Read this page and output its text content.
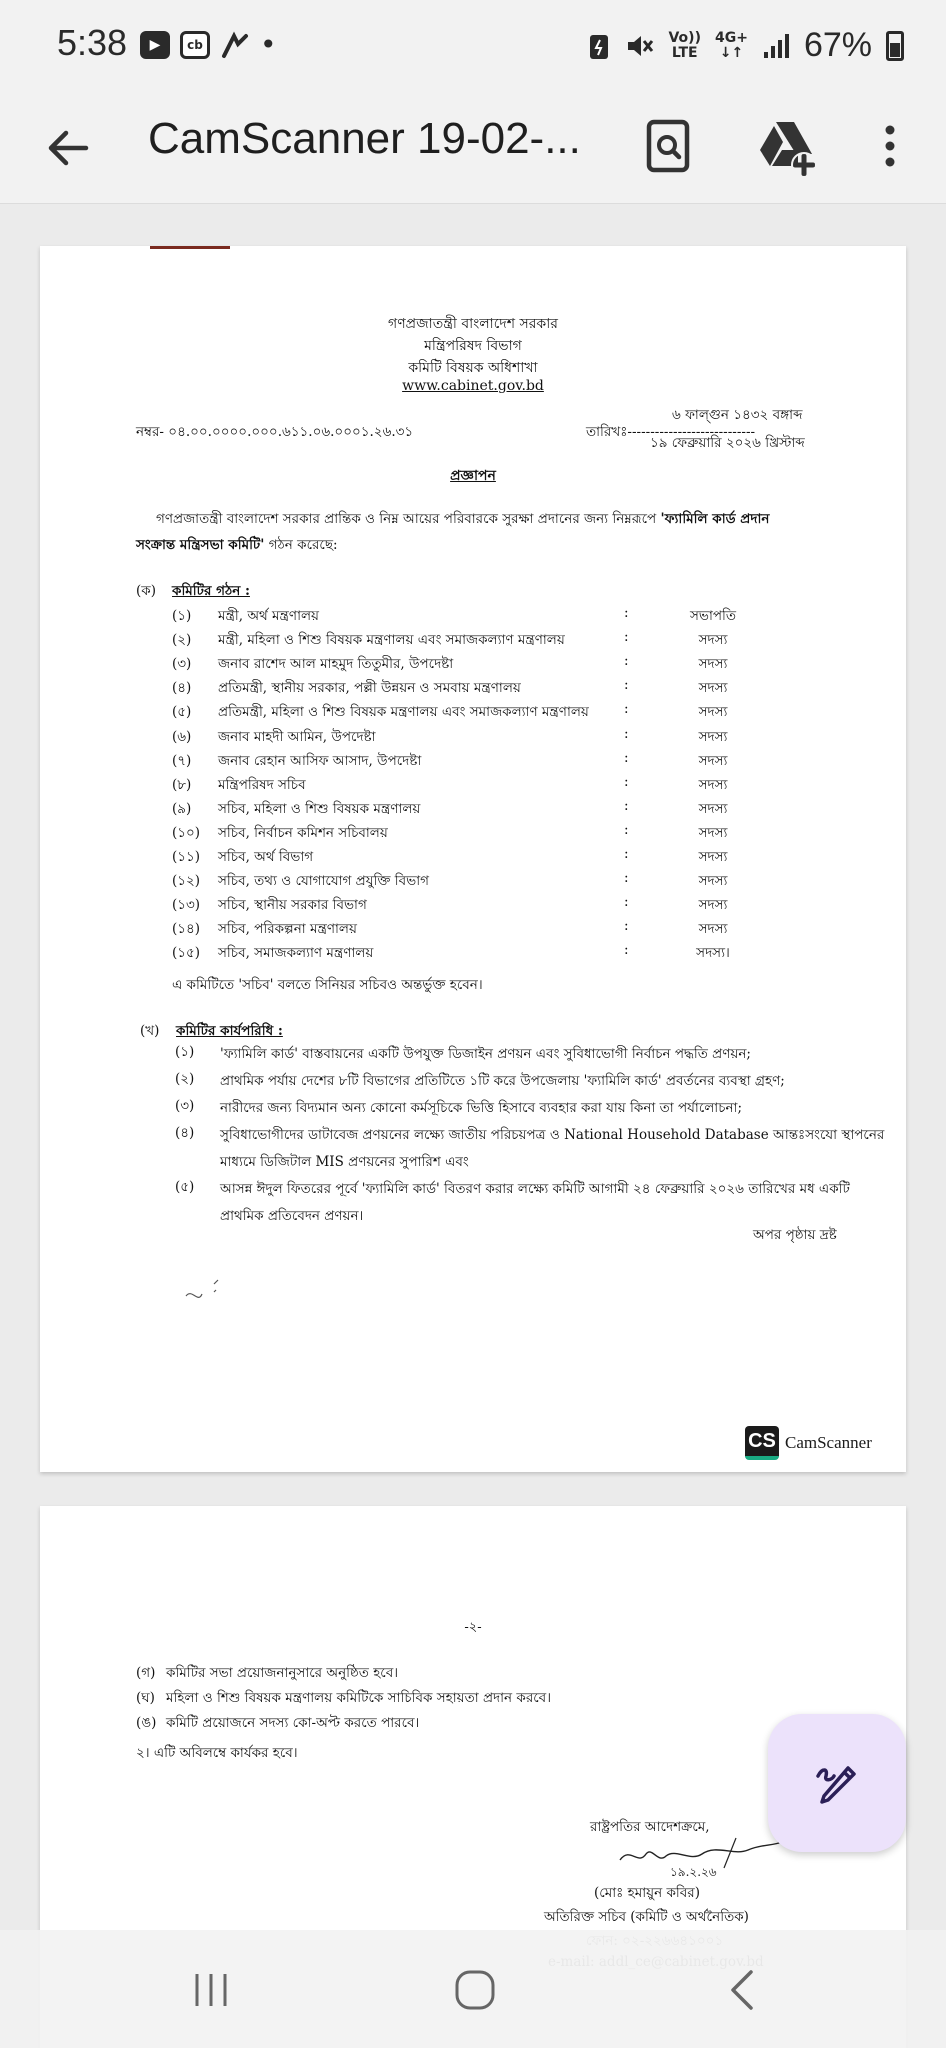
5:38	▶	cb •	Vo))
LTE
4G+
↓↑ 67%
CamScanner 19-02-...
গণপ্রজাতন্ত্রী বাংলাদেশ সরকার
মন্ত্রিপরিষদ বিভাগ
কমিটি বিষয়ক অধিশাখা
www.cabinet.gov.bd
নম্বর- ০৪.০০.০০০০.০০০.৬১১.০৬.০০০১.২৬.৩১
৬ ফাল্গুন ১৪৩২ বঙ্গাব্দ
তারিখঃ----------------------------
১৯ ফেব্রুয়ারি ২০২৬ খ্রিস্টাব্দ
প্রজ্ঞাপন
গণপ্রজাতন্ত্রী বাংলাদেশ সরকার প্রান্তিক ও নিম্ন আয়ের পরিবারকে সুরক্ষা প্রদানের জন্য নিম্নরূপে 'ফ্যামিলি কার্ড প্রদান
সংক্রান্ত মন্ত্রিসভা কমিটি' গঠন করেছে:
(ক) কমিটির গঠন :
(১) মন্ত্রী, অর্থ মন্ত্রণালয়	:	সভাপতি
(২) মন্ত্রী, মহিলা ও শিশু বিষয়ক মন্ত্রণালয় এবং সমাজকল্যাণ মন্ত্রণালয়	:	সদস্য
(৩) জনাব রাশেদ আল মাহমুদ তিতুমীর, উপদেষ্টা	:	সদস্য
(৪) প্রতিমন্ত্রী, স্থানীয় সরকার, পল্লী উন্নয়ন ও সমবায় মন্ত্রণালয়	:	সদস্য
(৫) প্রতিমন্ত্রী, মহিলা ও শিশু বিষয়ক মন্ত্রণালয় এবং সমাজকল্যাণ মন্ত্রণালয়	:	সদস্য
(৬) জনাব মাহদী আমিন, উপদেষ্টা	:	সদস্য
(৭) জনাব রেহান আসিফ আসাদ, উপদেষ্টা	:	সদস্য
(৮) মন্ত্রিপরিষদ সচিব	:	সদস্য
(৯) সচিব, মহিলা ও শিশু বিষয়ক মন্ত্রণালয়	:	সদস্য
(১০) সচিব, নির্বাচন কমিশন সচিবালয়	:	সদস্য
(১১) সচিব, অর্থ বিভাগ	:	সদস্য
(১২) সচিব, তথ্য ও যোগাযোগ প্রযুক্তি বিভাগ	:	সদস্য
(১৩) সচিব, স্থানীয় সরকার বিভাগ	:	সদস্য
(১৪) সচিব, পরিকল্পনা মন্ত্রণালয়	:	সদস্য
(১৫) সচিব, সমাজকল্যাণ মন্ত্রণালয়	:	সদস্য।
এ কমিটিতে 'সচিব' বলতে সিনিয়র সচিবও অন্তর্ভুক্ত হবেন।
(খ) কমিটির কার্যপরিধি :
(১) 'ফ্যামিলি কার্ড' বাস্তবায়নের একটি উপযুক্ত ডিজাইন প্রণয়ন এবং সুবিধাভোগী নির্বাচন পদ্ধতি প্রণয়ন;
(২) প্রাথমিক পর্যায় দেশের ৮টি বিভাগের প্রতিটিতে ১টি করে উপজেলায় 'ফ্যামিলি কার্ড' প্রবর্তনের ব্যবস্থা গ্রহণ;
(৩) নারীদের জন্য বিদ্যমান অন্য কোনো কর্মসূচিকে ভিত্তি হিসাবে ব্যবহার করা যায় কিনা তা পর্যালোচনা;
(৪) সুবিধাভোগীদের ডাটাবেজ প্রণয়নের লক্ষ্যে জাতীয় পরিচয়পত্র ও National Household Database আন্তঃসংযো স্থাপনের মাধ্যমে ডিজিটাল MIS প্রণয়নের সুপারিশ এবং
(৫) আসন্ন ঈদুল ফিতরের পূর্বে 'ফ্যামিলি কার্ড' বিতরণ করার লক্ষ্যে কমিটি আগামী ২৪ ফেব্রুয়ারি ২০২৬ তারিখের মধ একটি প্রাথমিক প্রতিবেদন প্রণয়ন।
অপর পৃষ্ঠায় দ্রষ্ট
CS CamScanner
-২-
(গ) কমিটির সভা প্রয়োজনানুসারে অনুষ্ঠিত হবে।
(ঘ) মহিলা ও শিশু বিষয়ক মন্ত্রণালয় কমিটিকে সাচিবিক সহায়তা প্রদান করবে।
(ঙ) কমিটি প্রয়োজনে সদস্য কো-অপ্ট করতে পারবে।
২। এটি অবিলম্বে কার্যকর হবে।
রাষ্ট্রপতির আদেশক্রমে,
১৯.২.২৬
(মোঃ হমায়ুন কবির)
অতিরিক্ত সচিব (কমিটি ও অর্থনৈতিক)
